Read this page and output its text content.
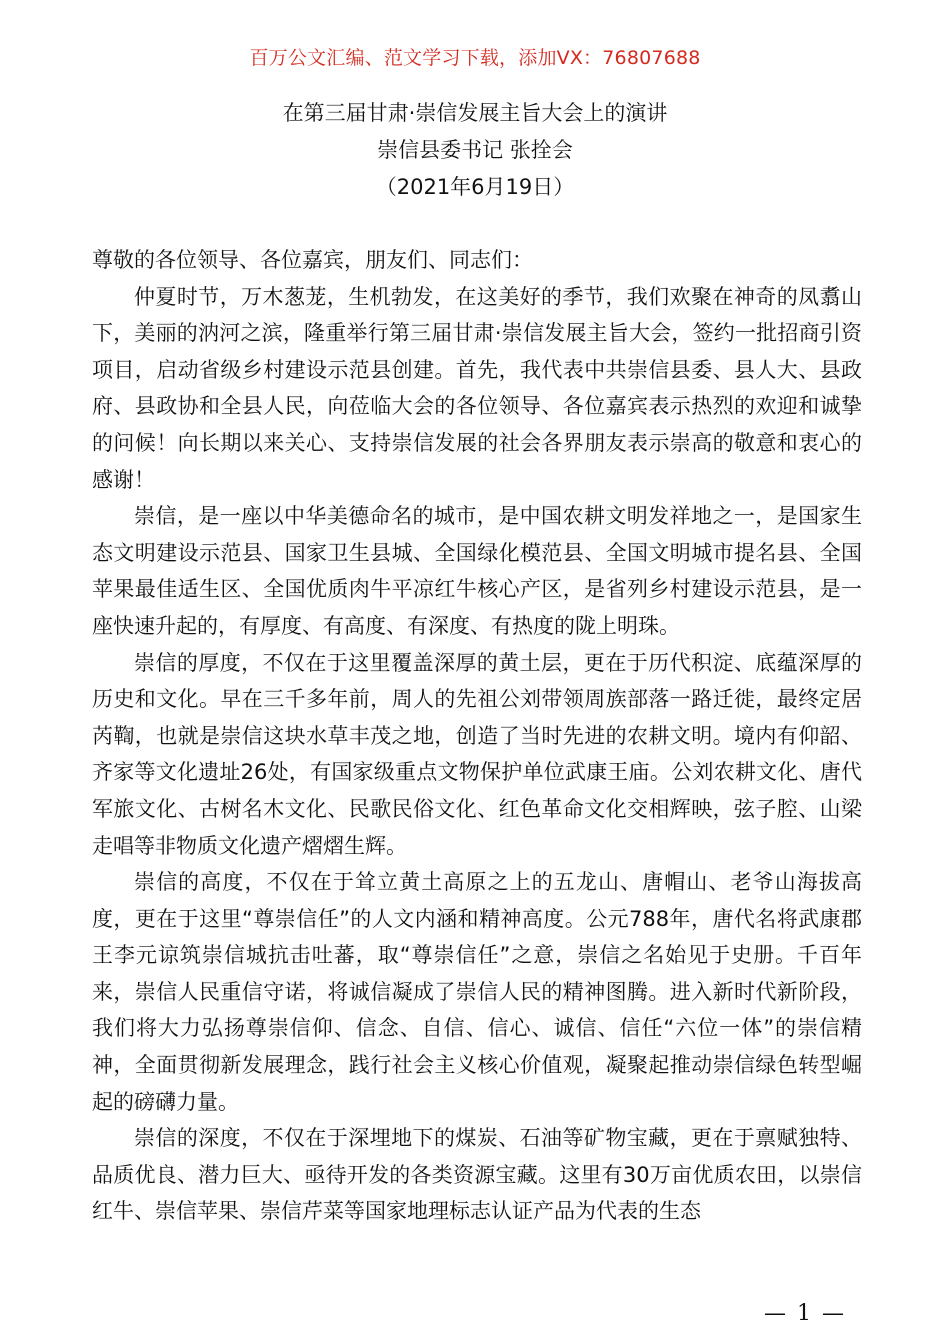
百万公文汇编、范文学习下载，添加VX：76807688
在第三届甘肃·崇信发展主旨大会上的演讲
崇信县委书记 张拴会
（2021年6月19日）

尊敬的各位领导、各位嘉宾，朋友们、同志们：

仲夏时节，万木葱茏，生机勃发，在这美好的季节，我们欢聚在神奇的凤翥山下，美丽的汭河之滨，隆重举行第三届甘肃·崇信发展主旨大会，签约一批招商引资项目，启动省级乡村建设示范县创建。首先，我代表中共崇信县委、县人大、县政府、县政协和全县人民，向莅临大会的各位领导、各位嘉宾表示热烈的欢迎和诚挚的问候！向长期以来关心、支持崇信发展的社会各界朋友表示崇高的敬意和衷心的感谢！

崇信，是一座以中华美德命名的城市，是中国农耕文明发祥地之一，是国家生态文明建设示范县、国家卫生县城、全国绿化模范县、全国文明城市提名县、全国苹果最佳适生区、全国优质肉牛平凉红牛核心产区，是省列乡村建设示范县，是一座快速升起的，有厚度、有高度、有深度、有热度的陇上明珠。

崇信的厚度，不仅在于这里覆盖深厚的黄土层，更在于历代积淀、底蕴深厚的历史和文化。早在三千多年前，周人的先祖公刘带领周族部落一路迁徙，最终定居芮鞫，也就是崇信这块水草丰茂之地，创造了当时先进的农耕文明。境内有仰韶、齐家等文化遗址26处，有国家级重点文物保护单位武康王庙。公刘农耕文化、唐代军旅文化、古树名木文化、民歌民俗文化、红色革命文化交相辉映，弦子腔、山梁走唱等非物质文化遗产熠熠生辉。

崇信的高度，不仅在于耸立黄土高原之上的五龙山、唐帽山、老爷山海拔高度，更在于这里“尊崇信任”的人文内涵和精神高度。公元788年，唐代名将武康郡王李元谅筑崇信城抗击吐蕃，取“尊崇信任”之意，崇信之名始见于史册。千百年来，崇信人民重信守诺，将诚信凝成了崇信人民的精神图腾。进入新时代新阶段，我们将大力弘扬尊崇信仰、信念、自信、信心、诚信、信任“六位一体”的崇信精神，全面贯彻新发展理念，践行社会主义核心价值观，凝聚起推动崇信绿色转型崛起的磅礴力量。

崇信的深度，不仅在于深埋地下的煤炭、石油等矿物宝藏，更在于禀赋独特、品质优良、潜力巨大、亟待开发的各类资源宝藏。这里有30万亩优质农田，以崇信红牛、崇信苹果、崇信芹菜等国家地理标志认证产品为代表的生态

— 1 —
